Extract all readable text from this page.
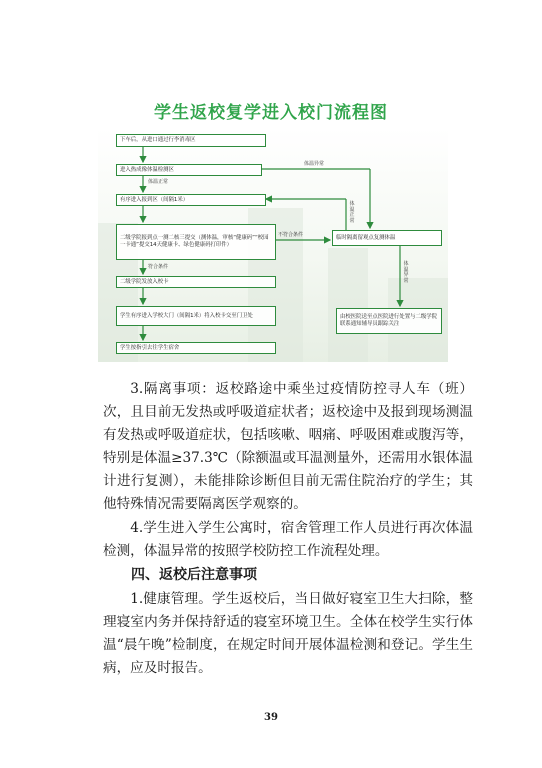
学生返校复学进入校门流程图
下车后，从进口通过行李消毒区
进入热成像体温检测区
有序进入报到区（间隔1米）
二级学院报到点一测二核三提交（测体温，审核“健康码”“校园一卡通”提交14天健康卡、绿色健康码打印件）
二级学院发放入校卡
学生有序进入学校大门（间隔1米）将入校卡交至门卫处
学生按指引去往学生宿舍
临时隔离留观点复测体温
由校医院送至点医院进行处置与二级学院联系通知辅导员跟踪关注
体温正常
体温异常
体温正常
不符合条件
符合条件	体温异常

3.隔离事项：返校路途中乘坐过疫情防控寻人车（班）次，且目前无发热或呼吸道症状者；返校途中及报到现场测温有发热或呼吸道症状，包括咳嗽、咽痛、呼吸困难或腹泻等，特别是体温≥37.3℃（除额温或耳温测量外，还需用水银体温计进行复测），未能排除诊断但目前无需住院治疗的学生；其他特殊情况需要隔离医学观察的。

4.学生进入学生公寓时，宿舍管理工作人员进行再次体温检测，体温异常的按照学校防控工作流程处理。

四、返校后注意事项

1.健康管理。学生返校后，当日做好寝室卫生大扫除，整理寝室内务并保持舒适的寝室环境卫生。全体在校学生实行体温“晨午晚”检制度，在规定时间开展体温检测和登记。学生生病，应及时报告。

39
